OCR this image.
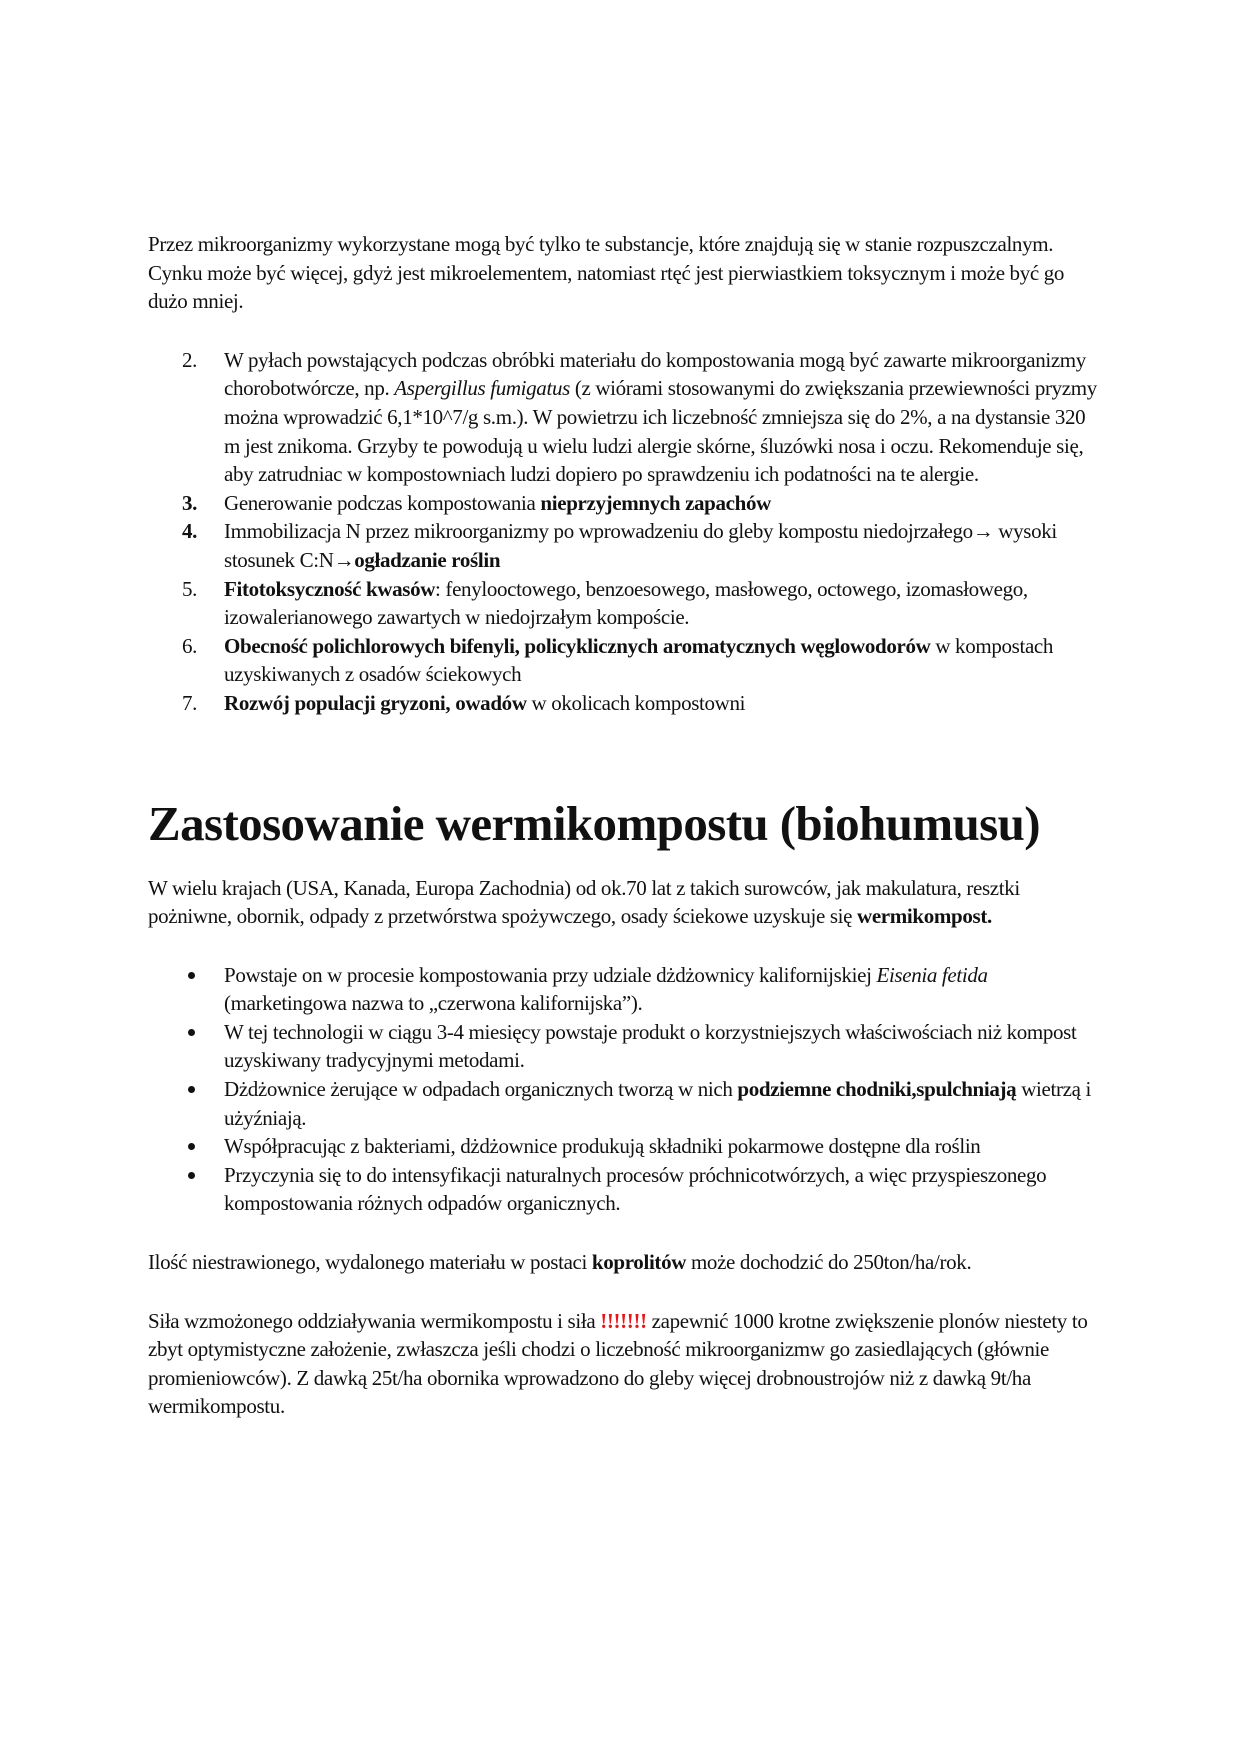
Przez mikroorganizmy wykorzystane mogą być tylko te substancje, które znajdują się w stanie rozpuszczalnym. Cynku może być więcej, gdyż jest mikroelementem, natomiast rtęć jest pierwiastkiem toksycznym i może być go dużo mniej.

2. W pyłach powstających podczas obróbki materiału do kompostowania mogą być zawarte mikroorganizmy chorobotwórcze, np. Aspergillus fumigatus (z wiórami stosowanymi do zwiększania przewiewności pryzmy można wprowadzić 6,1*10^7/g s.m.). W powietrzu ich liczebność zmniejsza się do 2%, a na dystansie 320 m jest znikoma. Grzyby te powodują u wielu ludzi alergie skórne, śluzówki nosa i oczu. Rekomenduje się, aby zatrudniac w kompostowniach ludzi dopiero po sprawdzeniu ich podatności na te alergie.
3. Generowanie podczas kompostowania nieprzyjemnych zapachów
4. Immobilizacja N przez mikroorganizmy po wprowadzeniu do gleby kompostu niedojrzałego→ wysoki stosunek C:N→ogładzanie roślin
5. Fitotoksyczność kwasów: fenylooctowego, benzoesowego, masłowego, octowego, izomasłowego, izowalerianowego zawartych w niedojrzałym kompoście.
6. Obecność polichlorowych bifenyli, policyklicznych aromatycznych węglowodorów w kompostach uzyskiwanych z osadów ściekowych
7. Rozwój populacji gryzoni, owadów w okolicach kompostowni
Zastosowanie wermikompostu (biohumusu)

W wielu krajach (USA, Kanada, Europa Zachodnia) od ok.70 lat z takich surowców, jak makulatura, resztki pożniwne, obornik, odpady z przetwórstwa spożywczego, osady ściekowe uzyskuje się wermikompost.

Powstaje on w procesie kompostowania przy udziale dżdżownicy kalifornijskiej Eisenia fetida (marketingowa nazwa to „czerwona kalifornijska”).
W tej technologii w ciągu 3-4 miesięcy powstaje produkt o korzystniejszych właściwościach niż kompost uzyskiwany tradycyjnymi metodami.
Dżdżownice żerujące w odpadach organicznych tworzą w nich podziemne chodniki,spulchniają wietrzą i użyźniają.
Współpracując z bakteriami, dżdżownice produkują składniki pokarmowe dostępne dla roślin
Przyczynia się to do intensyfikacji naturalnych procesów próchnicotwórzych, a więc przyspieszonego kompostowania różnych odpadów organicznych.

Ilość niestrawionego, wydalonego materiału w postaci koprolitów może dochodzić do 250ton/ha/rok.

Siła wzmożonego oddziaływania wermikompostu i siła !!!!!!! zapewnić 1000 krotne zwiększenie plonów niestety to zbyt optymistyczne założenie, zwłaszcza jeśli chodzi o liczebność mikroorganizmw go zasiedlających (głównie promieniowców). Z dawką 25t/ha obornika wprowadzono do gleby więcej drobnoustrojów niż z dawką 9t/ha wermikompostu.
